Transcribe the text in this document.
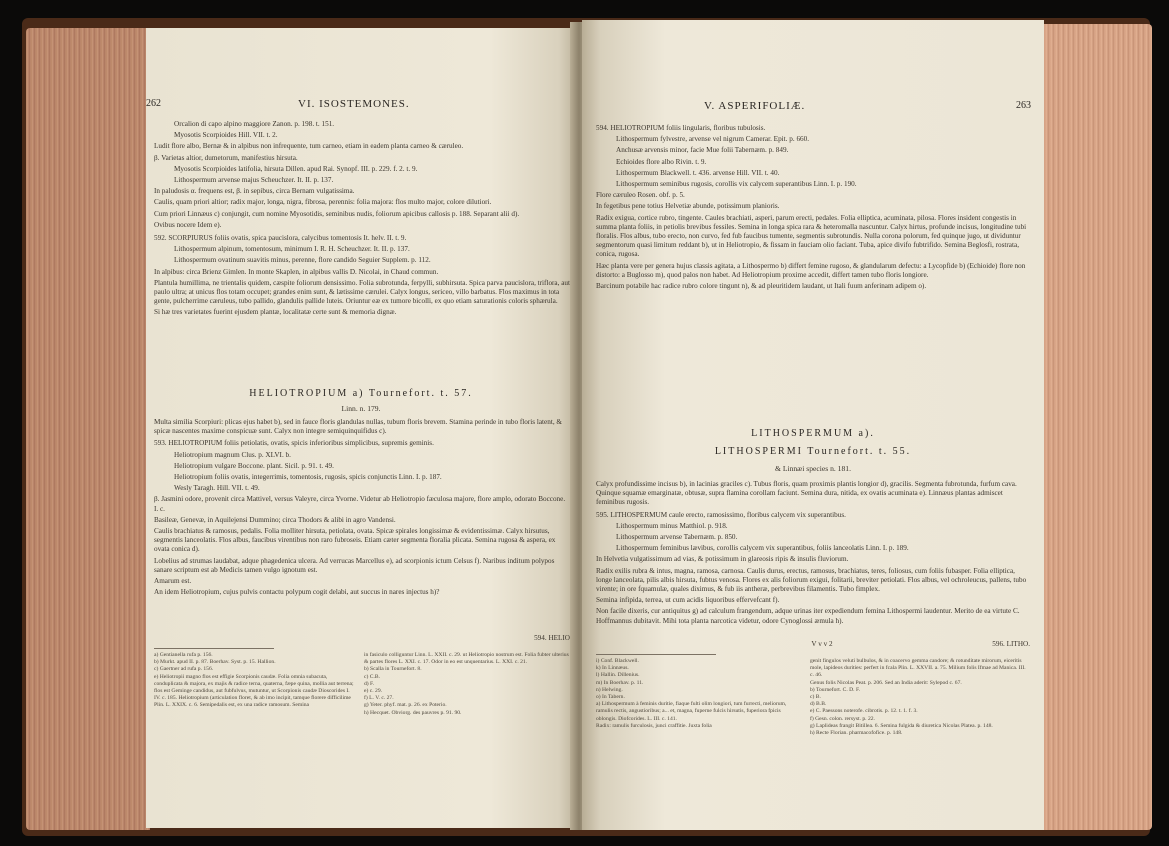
262	VI. ISOSTEMONES.

Orcalion di capo alpino maggiore Zanon. p. 198. t. 151.

Myosotis Scorpioides Hill. VII. t. 2.

Ludit flore albo, Bernæ & in alpibus non infrequente, tum carneo, etiam in eadem planta carneo & cæruleo.

β. Varietas altior, dumetorum, manifestius hirsuta.

Myosotis Scorpioides latifolia, hirsuta Dillen. apud Rai. Synopf. III. p. 229. f. 2. t. 9.

Lithospermum arvense majus Scheuchzer. It. II. p. 137.

In paludosis α. frequens est, β. in sepibus, circa Bernam vulgatissima.

Caulis, quam priori altior; radix major, longa, nigra, fibrosa, perennis: folia majora: flos multo major, colore dilutiori.

Cum priori Linnæus c) conjungit, cum nomine Myosotidis, seminibus nudis, foliorum apicibus callosis p. 188. Separant alii d).

Ovibus nocere Idem e).

592. SCORPIURUS foliis ovatis, spica paucislora, calycibus tomentosis It. helv. II. t. 9.

Lithospermum alpinum, tomentosum, minimum I. R. H. Scheuchzer. It. II. p. 137.

Lithospermum ovatinum suavitis minus, perenne, flore candido Seguier Supplem. p. 112.

In alpibus: circa Brienz Gimlen. In monte Skaplen, in alpibus vallis D. Nicolai, in Chaud commun.

Plantula humillima, ne trientalis quidem, cæspite foliorum densissimo. Folia subrotunda, ferpylli, subhirsuta. Spica parva paucislora, triflora, aut paulo ultra; at unicus flos totam occupet; grandes enim sunt, & lætissime cærulei. Calyx longus, sericeo, villo barbatus. Flos maximus in tota gente, pulcherrime cæruleus, tubo pallido, glandulis pallide luteis. Oriuntur eæ ex tumore bicolli, ex quo etiam saturationis coloris sphærula.

Si hæ tres varietates fuerint ejusdem plantæ, localitatæ certe sunt & memoria dignæ.

HELIOTROPIUM a) Tournefort. t. 57.
Linn. n. 179.

Multa similia Scorpiuri: plicas ejus habet b), sed in fauce floris glandulas nullas, tubum floris brevem. Stamina perinde in tubo floris latent, & spicæ nascentes maxime conspicuæ sunt. Calyx non integre semiquinquifidus c).

593. HELIOTROPIUM foliis petiolatis, ovatis, spicis inferioribus simplicibus, supremis geminis.

Heliotropium magnum Clus. p. XLVI. b.

Heliotropium vulgare Boccone. plant. Sicil. p. 91. t. 49.

Heliotropium foliis ovatis, integerrimis, tomentosis, rugosis, spicis conjunctis Linn. I. p. 187.

Wesly Taragh. Hill. VII. t. 49.

β. Jasmini odore, provenit circa Mattivel, versus Valeyre, circa Yvorne. Videtur ab Heliotropio fæculosa majore, flore amplo, odorato Boccone. I. c.

Basileæ, Genevæ, in Aquilejensi Dummino; circa Thodors & alibi in agro Vandensi.

Caulis brachiatus & ramosus, pedalis. Folia molliter hirsuta, petiolata, ovata. Spicæ spirales longissimæ & evidentissimæ. Calyx hirsutus, segmentis lanceolatis. Flos albus, faucibus virentibus non raro fubroseis. Etiam cæter segmenta floralia plicata. Semina rugosa & aspera, ex ovata conica d).

Lobelius ad strumas laudabat, adque phagedenica ulcera. Ad verrucas Marcellus e), ad scorpionis ictum Celsus f). Naribus inditum polypos sanare scriptum est ab Medicis tamen vulgo ignotum est.

Amarum est.

An idem Heliotropium, cujus pulvis contactu polypum cogit delabi, aut succus in nares injectus h)?

594. HELIO

a) Gentianella rufa p. 156.

b) Murkt. apud II. p. 87. Boerhav. Syst. p. 15. Hallion.

c) Gaertner ad rufa p. 156.

e) Heliotropii magno flos est effigie Scorpionis caudæ. Folia omnia subacuta, conduplicata & majora, ex majis & radice terna, quaterna, fæpe quina, mollia aut terrena; flos est Geminge candidus, aut fubfulvus, mutuntur, ut Scorpionis caudæ Dioscorides I. IV. c. 185. Heliotropium (articulation floret, & ab imo incipit, tamque florere difficilime Plin. L. XXIX. c. 6. Semipedalis est, ex una radice ramosum. Semina

in fasiculo colliguntur Linn. L. XXII. c. 29. ut Heliotropio nostrum est. Folia fubter ulterius & partes flores L. XXI. c. 17. Odor in eo est unquentarius. L. XXI. c. 21.

b) Scalla in Tournefort. 8.

c) C.B.

d) F.

e) c. 29.

f) L. V. c. 27.

g) Yeter. phyf. mat. p. 26. ex Poterio.

h) Hecquet. Obviorg. des pauvres p. 91. 90.

V. ASPERIFOLIÆ.	263

594. HELIOTROPIUM foliis lingularis, floribus tubulosis.

Lithospermum fylvestre, arvense vel nigrum Camerar. Epit. p. 660.

Anchusæ arvensis minor, facie Mue folii Tabernæm. p. 849.

Echioides flore albo Rivin. t. 9.

Lithospermum Blackwell. t. 436. arvense Hill. VII. t. 40.

Lithospermum seminibus rugosis, corollis vix calycem superantibus Linn. I. p. 190.

Flore cæruleo Rosen. obf. p. 5.

In fegetibus pene totius Helvetiæ abunde, potissimum planioris.

Radix exigua, cortice rubro, tingente. Caules brachiati, asperi, parum erecti, pedales. Folia elliptica, acuminata, pilosa. Flores insident congestis in summa planta foliis, in petiolis brevibus fessiles. Semina in longa spica rara & heteromalla nascuntur. Calyx hirtus, profunde incisus, longitudine tubi floralis. Flos albus, tubo erecto, non curvo, fed fub faucibus tumente, segmentis subrotundis. Nulla corona polorum, fed quinque jugo, ut dividuntur segmentorum quasi limitum reddant b), ut in Heliotropio, & fissam in fauciam olio faciant. Tuba, apice divifo fubtrifido. Semina Beglosfi, rostrata, conica, rugosa.

Hæc planta vere per genera hujus classis agitata, a Lithospermo b) differt femine rugoso, & glandularum defectu: a Lycopfide b) (Echioide) flore non distorto: a Buglosso m), quod palos non habet. Ad Heliotropium proxime accedit, differt tamen tubo floris longiore.

Barcinum potabile hac radice rubro colore tingunt n), & ad pleuritidem laudant, ut Itali fuum anferinam adipem o).

LITHOSPERMUM a).
LITHOSPERMI Tournefort. t. 55.
& Linnæi species n. 181.

Calyx profundissime incisus b), in lacinias graciles c). Tubus floris, quam proximis plantis longior d), gracilis. Segmenta fubrotunda, furfum cava. Quinque squamæ emarginatæ, obtusæ, supra flamina corollam faciunt. Semina dura, nitida, ex ovatis acuminata e). Linnæus plantas admiscet feminibus rugosis.

595. LITHOSPERMUM caule erecto, ramosissimo, floribus calycem vix superantibus.

Lithospermum minus Matthiol. p. 918.

Lithospermum arvense Tabernæm. p. 850.

Lithospermum feminibus lævibus, corollis calycem vix superantibus, foliis lanceolatis Linn. I. p. 189.

In Helvetia vulgatissimum ad vias, & potissimum in glareosis ripis & insulis fluviorum.

Radix exilis rubra & intus, magna, ramosa, carnosa. Caulis durus, erectus, ramosus, brachiatus, teres, foliosus, cum foliis fubasper. Folia elliptica, longe lanceolata, pilis albis hirsuta, fubtus venosa. Flores ex alis foliorum exigui, folitarii, breviter petiolati. Flos albus, vel ochroleucus, pallens, tubo virente; in ore fquamulæ, quales diximus, & fub iis antheræ, perbrevibus filamentis. Tubo fimplex.

Semina infipida, terrea, ut cum acidis liquoribus effervefcant f).

Non facile dixeris, cur antiquitus g) ad calculum frangendum, adque urinas iter expediendum femina Lithospermi laudentur. Merito de ea virtute C. Hoffmannus dubitavit. Mihi tota planta narcotica videtur, odore Cynoglossi æmula h).

V v v 2	596. LITHO.

i) Conf. Blackwell.

k) In Linnæus.

l) Hallin. Dillenius.

m) In Boerhav. p. 11.

n) Helwing.

o) In Tabern.

a) Lithospermum à feminis duritie, fiaque fulti olim longiori, tum furrecti, meliorum, ramulis rectis, angustioribus; a... et, magna, fuperne fulcis hirsutis, fuperiora fpicis oblongis. Diofcorides. L. III. c. 141.

Radix: ramulis furculosis, junci craffitie. Juxta folia

genit fingulos veluti bulbulos, & in coacervo gemma candore; & rotunditate mirorum, eiceritis mole, lapideos durities: perfert in fcala Plin. L. XXVII. a. 75. Milium folis Ifmae ad Manica. III. c. 46.

Genus folis Nicolas Peat. p. 206. Sed an India aderit: Sylepod c. 67.

b) Tournefort. C. D. F.

c) B.

d) B.B.

e) C. Paessons noterofe. cibrotis. p. 12. t. 1. f. 3.

f) Gesn. colon. rersyst. p. 22.

g) Laplideas frangit Bitillea. 6. Semina fulgida & diuretica Nicolas Platea. p. 148.

h) Recte Florian. pharmacofofice. p. 148.
